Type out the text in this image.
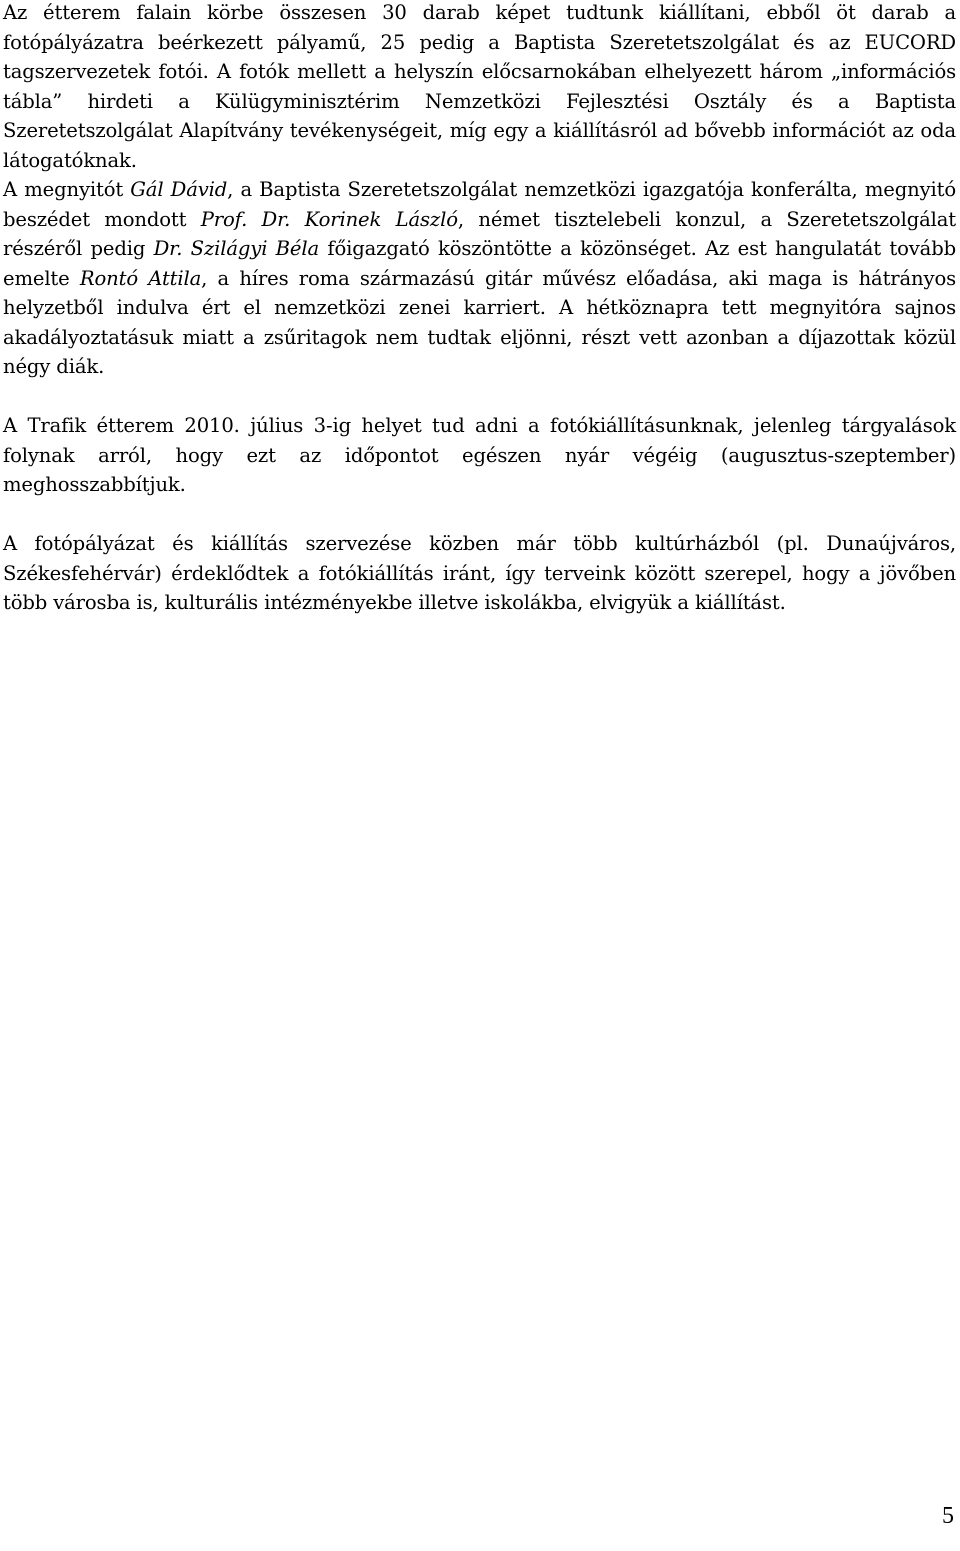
Az étterem falain körbe összesen 30 darab képet tudtunk kiállítani, ebből öt darab a fotópályázatra beérkezett pályamű, 25 pedig a Baptista Szeretetszolgálat és az EUCORD tagszervezetek fotói. A fotók mellett a helyszín előcsarnokában elhelyezett három „információs tábla” hirdeti a Külügyminisztérim Nemzetközi Fejlesztési Osztály és a Baptista Szeretetszolgálat Alapítvány tevékenységeit, míg egy a kiállításról ad bővebb információt az oda látogatóknak.

A megnyitót Gál Dávid, a Baptista Szeretetszolgálat nemzetközi igazgatója konferálta, megnyitó beszédet mondott Prof. Dr. Korinek László, német tisztelebeli konzul, a Szeretetszolgálat részéről pedig Dr. Szilágyi Béla főigazgató köszöntötte a közönséget. Az est hangulatát tovább emelte Rontó Attila, a híres roma származású gitár művész előadása, aki maga is hátrányos helyzetből indulva ért el nemzetközi zenei karriert. A hétköznapra tett megnyitóra sajnos akadályoztatásuk miatt a zsűritagok nem tudtak eljönni, részt vett azonban a díjazottak közül négy diák.

A Trafik étterem 2010. július 3-ig helyet tud adni a fotókiállításunknak, jelenleg tárgyalások folynak arról, hogy ezt az időpontot egészen nyár végéig (augusztus-szeptember) meghosszabbítjuk.

A fotópályázat és kiállítás szervezése közben már több kultúrházból (pl. Dunaújváros, Székesfehérvár) érdeklődtek a fotókiállítás iránt, így terveink között szerepel, hogy a jövőben több városba is, kulturális intézményekbe illetve iskolákba, elvigyük a kiállítást.

5
